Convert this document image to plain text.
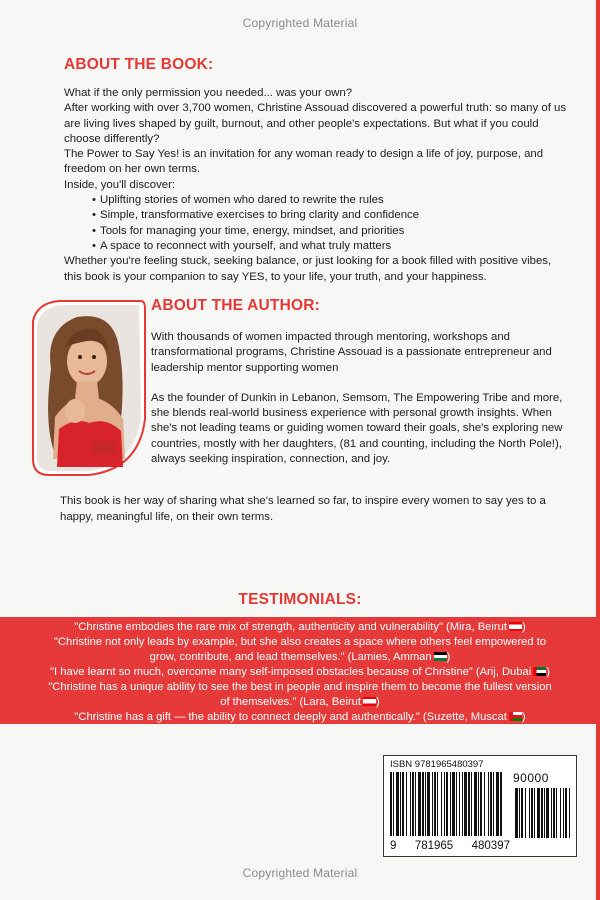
Copyrighted Material
ABOUT THE BOOK:

What if the only permission you needed... was your own?

After working with over 3,700 women, Christine Assouad discovered a powerful truth: so many of us are living lives shaped by guilt, burnout, and other people's expectations. But what if you could choose differently?

The Power to Say Yes! is an invitation for any woman ready to design a life of joy, purpose, and freedom on her own terms.

Inside, you'll discover:

• Uplifting stories of women who dared to rewrite the rules
• Simple, transformative exercises to bring clarity and confidence
• Tools for managing your time, energy, mindset, and priorities
• A space to reconnect with yourself, and what truly matters

Whether you're feeling stuck, seeking balance, or just looking for a book filled with positive vibes, this book is your companion to say YES, to your life, your truth, and your happiness.

ABOUT THE AUTHOR:

With thousands of women impacted through mentoring, workshops and transformational programs, Christine Assouad is a passionate entrepreneur and leadership mentor supporting women

As the founder of Dunkin in Lebanon, Semsom, The Empowering Tribe and more, she blends real-world business experience with personal growth insights. When she's not leading teams or guiding women toward their goals, she's exploring new countries, mostly with her daughters, (81 and counting, including the North Pole!), always seeking inspiration, connection, and joy.

This book is her way of sharing what she's learned so far, to inspire every women to say yes to a happy, meaningful life, on their own terms.
TESTIMONIALS:
"Christine embodies the rare mix of strength, authenticity and vulnerability" (Mira, Beirut )
"Christine not only leads by example, but she also creates a space where others feel empowered to
grow, contribute, and lead themselves." (Lamies, Amman )
"I have learnt so much, overcome many self-imposed obstacles because of Christine" (Arij, Dubai )
"Christine has a unique ability to see the best in people and inspire them to become the fullest version
of themselves." (Lara, Beirut )
"Christine has a gift — the ability to connect deeply and authentically." (Suzette, Muscat )
ISBN 9781965480397
90000
9 781965 480397
Copyrighted Material
